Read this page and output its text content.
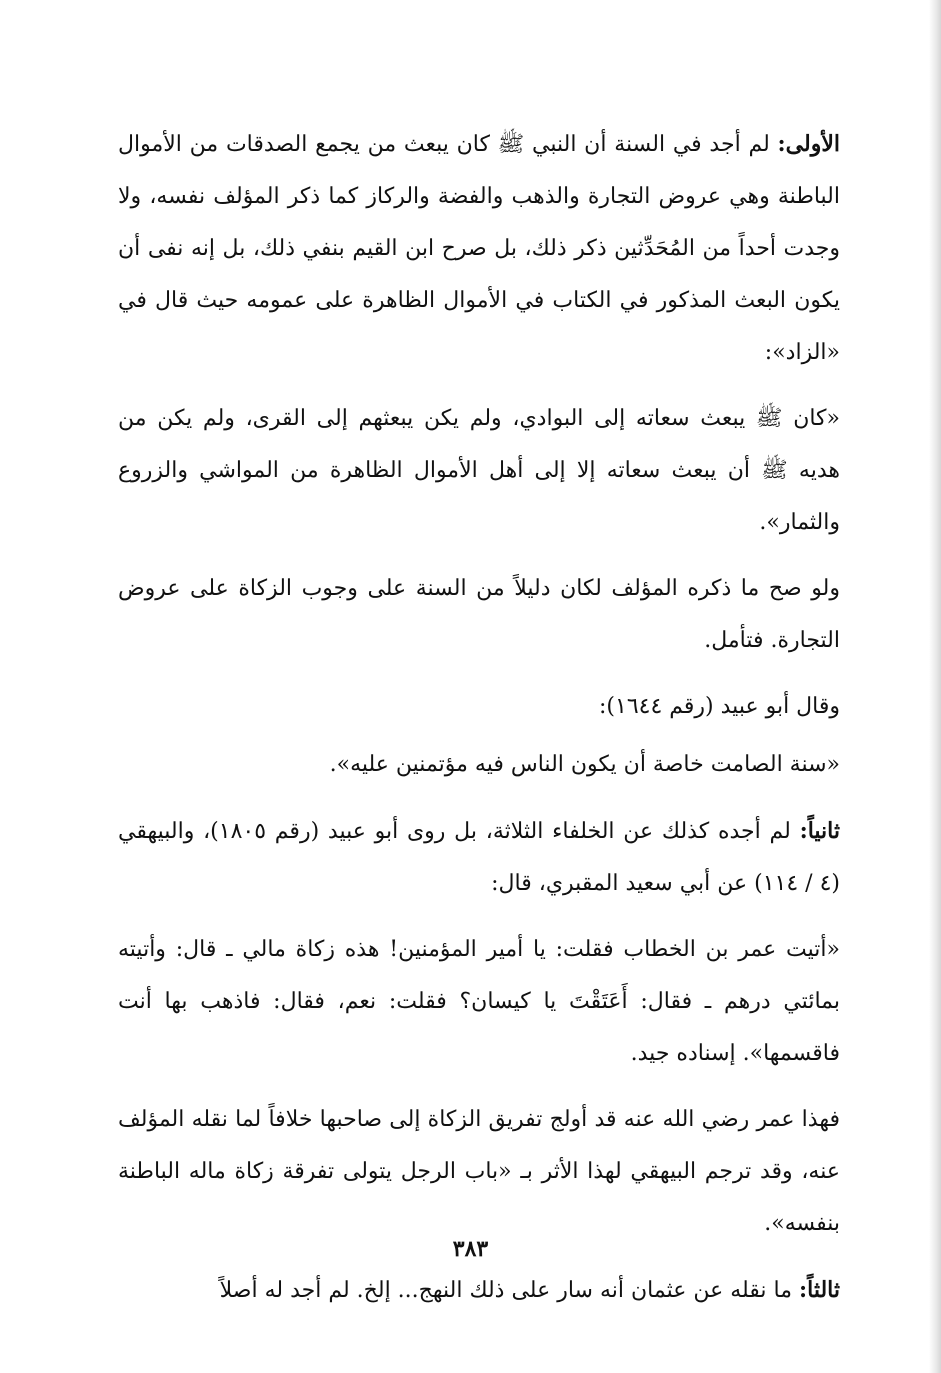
الأولى: لم أجد في السنة أن النبي ﷺ كان يبعث من يجمع الصدقات من الأموال الباطنة وهي عروض التجارة والذهب والفضة والركاز كما ذكر المؤلف نفسه، ولا وجدت أحداً من المُحَدِّثين ذكر ذلك، بل صرح ابن القيم بنفي ذلك، بل إنه نفى أن يكون البعث المذكور في الكتاب في الأموال الظاهرة على عمومه حيث قال في «الزاد»:

«كان ﷺ يبعث سعاته إلى البوادي، ولم يكن يبعثهم إلى القرى، ولم يكن من هديه ﷺ أن يبعث سعاته إلا إلى أهل الأموال الظاهرة من المواشي والزروع والثمار».

ولو صح ما ذكره المؤلف لكان دليلاً من السنة على وجوب الزكاة على عروض التجارة. فتأمل.

وقال أبو عبيد (رقم ١٦٤٤):

«سنة الصامت خاصة أن يكون الناس فيه مؤتمنين عليه».

ثانياً: لم أجده كذلك عن الخلفاء الثلاثة، بل روى أبو عبيد (رقم ١٨٠٥)، والبيهقي (٤ / ١١٤) عن أبي سعيد المقبري، قال:

«أتيت عمر بن الخطاب فقلت: يا أمير المؤمنين! هذه زكاة مالي ـ قال: وأتيته بمائتي درهم ـ فقال: أَعَتَقْتَ يا كيسان؟ فقلت: نعم، فقال: فاذهب بها أنت فاقسمها». إسناده جيد.

فهذا عمر رضي الله عنه قد أولج تفريق الزكاة إلى صاحبها خلافاً لما نقله المؤلف عنه، وقد ترجم البيهقي لهذا الأثر بـ «باب الرجل يتولى تفرقة زكاة ماله الباطنة بنفسه».

ثالثاً: ما نقله عن عثمان أنه سار على ذلك النهج... إلخ. لم أجد له أصلاً

٣٨٣
